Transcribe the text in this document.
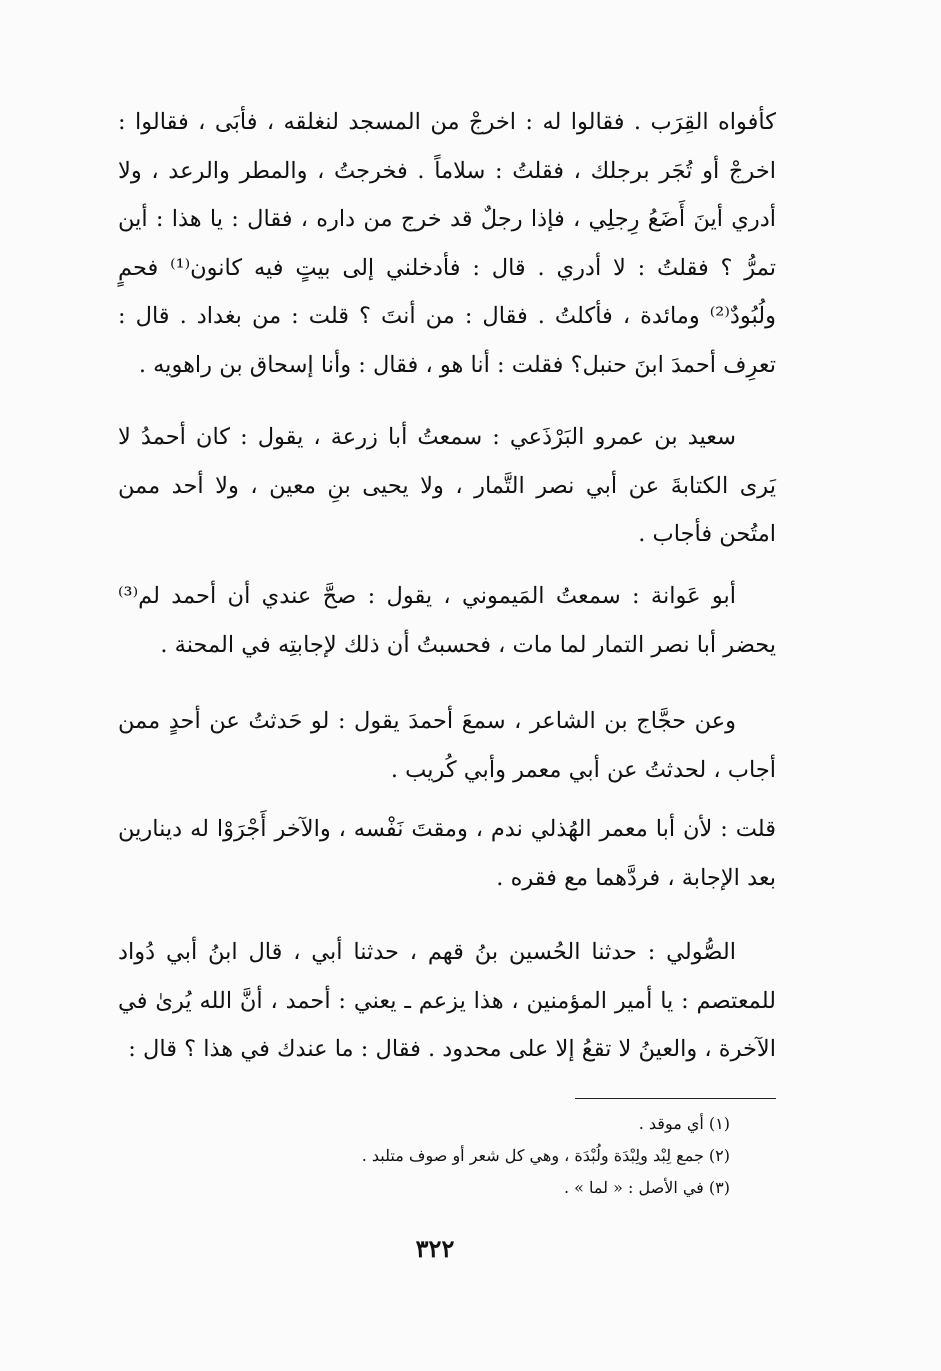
كأفواه القِرَب . فقالوا له : اخرجْ من المسجد لنغلقه ، فأبَى ، فقالوا : اخرجْ أو تُجَر برجلك ، فقلتُ : سلاماً . فخرجتُ ، والمطر والرعد ، ولا أدري أينَ أَضَعُ رِجلِي ، فإذا رجلٌ قد خرج من داره ، فقال : يا هذا : أين تمرُّ ؟ فقلتُ : لا أدري . قال : فأدخلني إلى بيتٍ فيه كانون⁽¹⁾ فحمٍ ولُبُودٌ⁽²⁾ ومائدة ، فأكلتُ . فقال : من أنتَ ؟ قلت : من بغداد . قال : تعرِف أحمدَ ابنَ حنبل؟ فقلت : أنا هو ، فقال : وأنا إسحاق بن راهويه .

سعيد بن عمرو البَرْذَعي : سمعتُ أبا زرعة ، يقول : كان أحمدُ لا يَرى الكتابةَ عن أبي نصر التَّمار ، ولا يحيى بنِ معين ، ولا أحد ممن امتُحن فأجاب .

أبو عَوانة : سمعتُ المَيموني ، يقول : صحَّ عندي أن أحمد لم⁽³⁾ يحضر أبا نصر التمار لما مات ، فحسبتُ أن ذلك لإجابتِه في المحنة .

وعن حجَّاج بن الشاعر ، سمعَ أحمدَ يقول : لو حَدثتُ عن أحدٍ ممن أجاب ، لحدثتُ عن أبي معمر وأبي كُريب .

قلت : لأن أبا معمر الهُذلي ندم ، ومقتَ نَفْسه ، والآخر أَجْرَوْا له دينارين بعد الإجابة ، فردَّهما مع فقره .

الصُّولي : حدثنا الحُسين بنُ قهم ، حدثنا أبي ، قال ابنُ أبي دُواد للمعتصم : يا أمير المؤمنين ، هذا يزعم ـ يعني : أحمد ، أنَّ الله يُرىٰ في الآخرة ، والعينُ لا تقعُ إلا على محدود . فقال : ما عندك في هذا ؟ قال :

(١) أي موقد .
(٢) جمع لِبْد ولِبْدَة ولُبْدَة ، وهي كل شعر أو صوف متلبد .
(٣) في الأصل : « لما » .
٣٢٢
